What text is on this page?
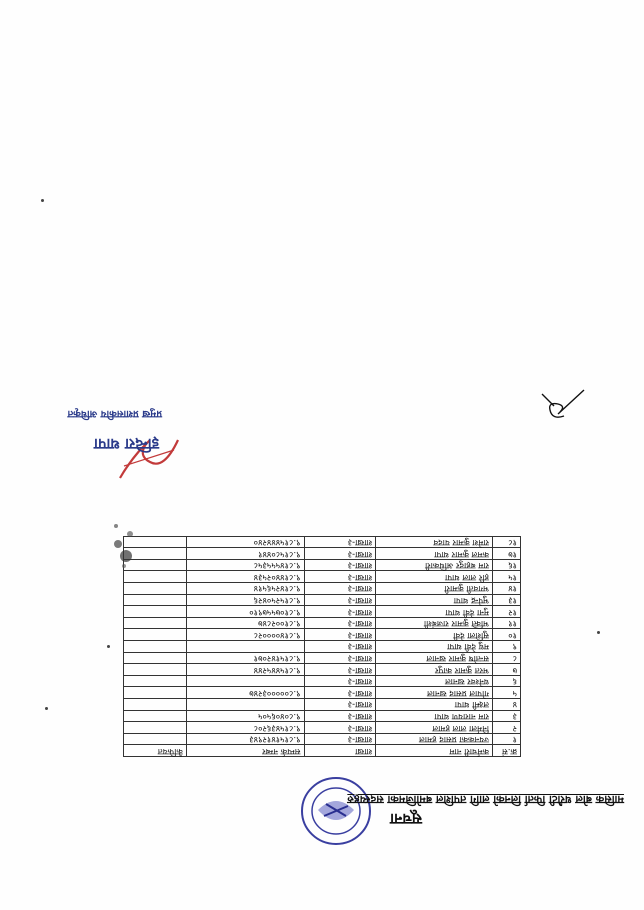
सूचना
मासिक बोल धरौटी फिर्ता लिनको लागि तपशिल बमोजिमका सदस्यहरु
क्र.सं	कर्मचारी नाम	शाखा	सम्पर्क नम्बर	कैफियत
१	ज्यनकका प्रसाद हमाल	शाखा-३	९.८१५१४१२९४३	
२	निर्मला लाल हमाल	शाखा-३	९.८१५४३६२०८	
३	राम नारायण थापा	शाखा-३	९.८०४०६५०५	
४	लक्ष्मी थापा	शाखा-३		
५	गोपाल प्रसाद खनाल	शाखा-३	९.८०००००३२४७	
६	धनेश्वर खनाल	शाखा-३		
७	भरत कुमार कापुर	शाखा-३	९.८१५४४५२४४	
८	सन्तोष कुमार खनाल	शाखा-३	९.८१५१४२०७१	
९	मधु देवी थापा	शाखा-३		
१०	सुशिला देवी	शाखा-३	९.८१४००००२८	
११	भक्ति कुमार राजबंशी	शाखा-३	९.८१००२८४७	
१२	मुना देवी थापा	शाखा-३	९.८१०७५५७९१०	
१३	भुपेन्द्र थापा	शाखा-३	९.८१५२५०४२६	
१४	भगवती कुमारी	शाखा-३	९.८१४२५६५१४	
१५	हरि लाल थापा	शाखा-३	९.८१४४०२५३४	
१६	राम बहादुर अधिकारी	शाखा-३	९.८१४५५५३५८	
१७	कमल कुमार थापा	शाखा-३	९.८१५८०४४१	
१८	रामेश कुमार यादव	शाखा-३	९.८१५४४४२४०	
इन्दिरा थापा
प्रमुख प्रशासकीय अधिकृत
